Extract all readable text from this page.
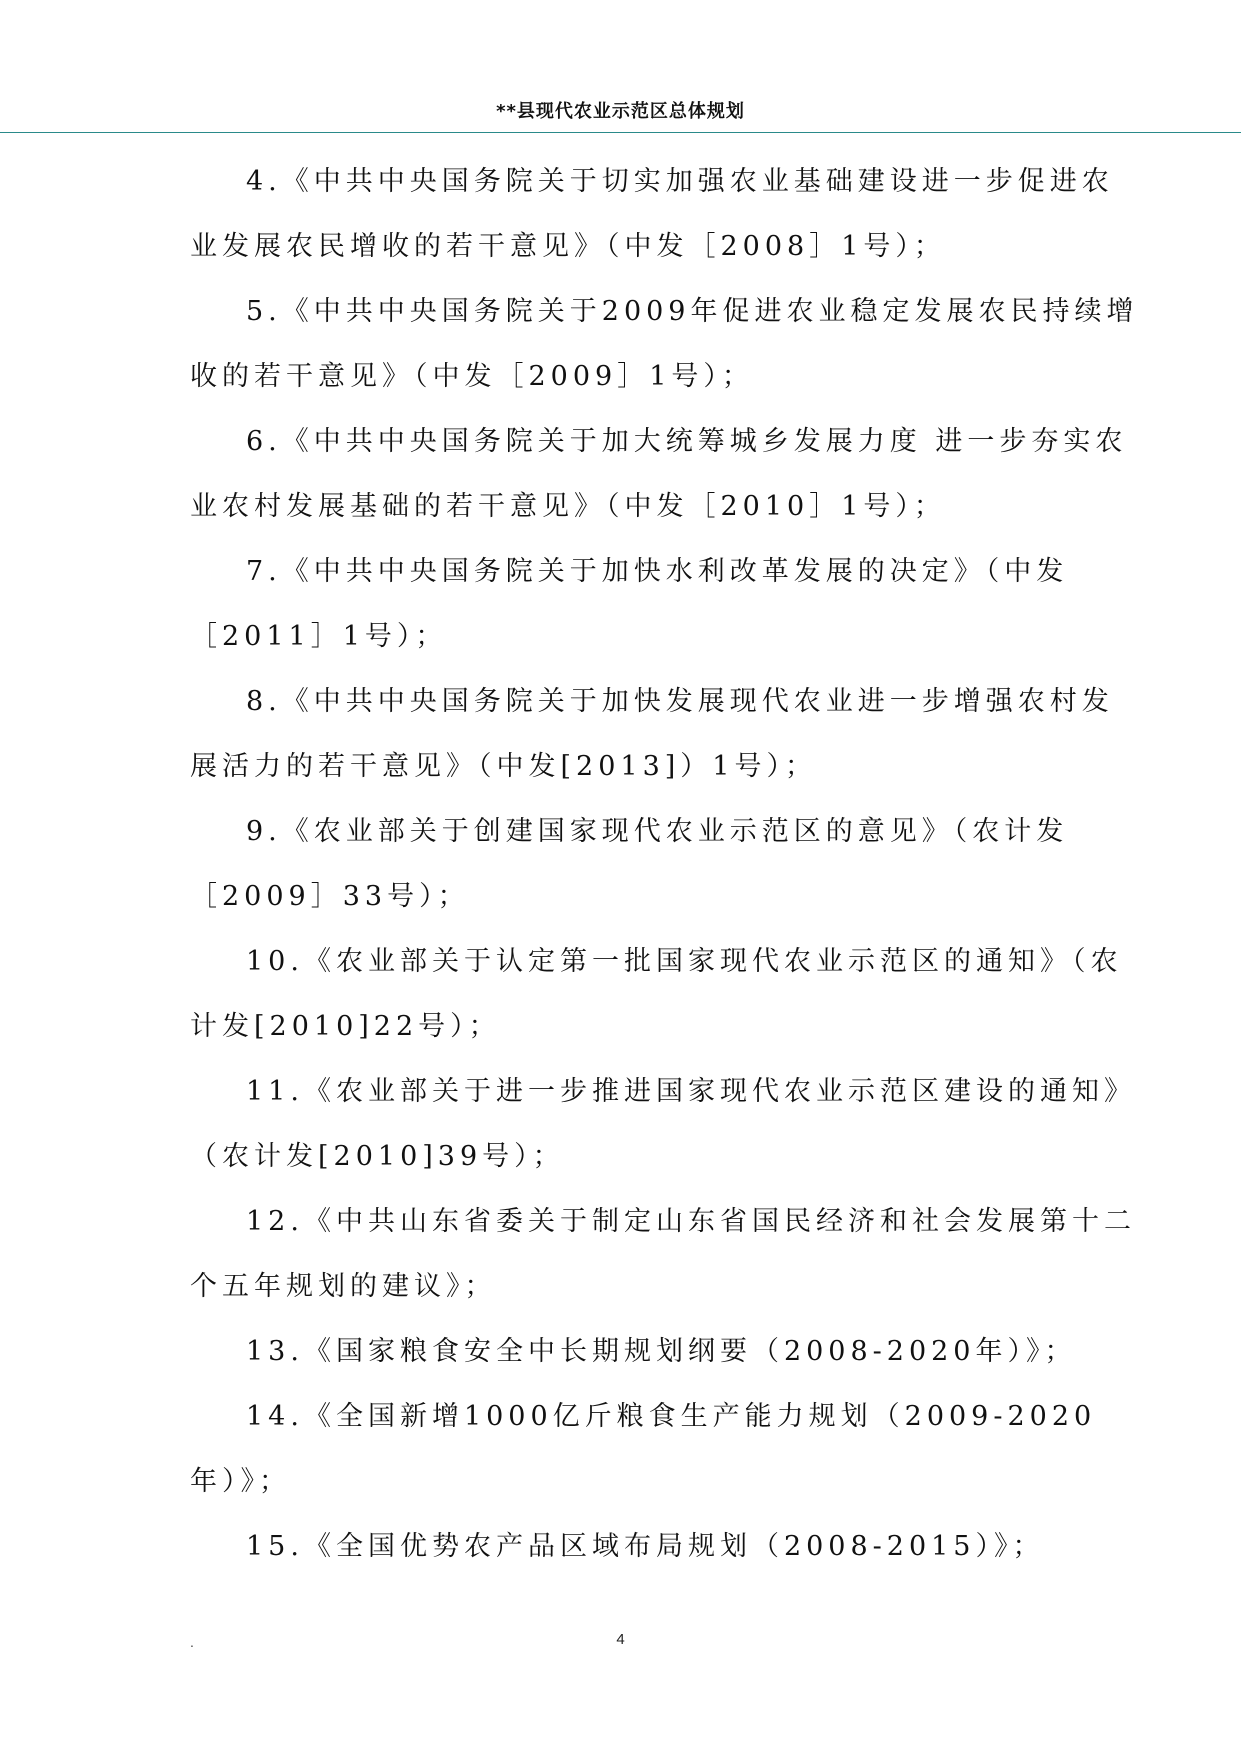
**县现代农业示范区总体规划
4.《中共中央国务院关于切实加强农业基础建设进一步促进农
业发展农民增收的若干意见》（中发［2008］1号）；
5.《中共中央国务院关于2009年促进农业稳定发展农民持续增
收的若干意见》（中发［2009］1号）；
6.《中共中央国务院关于加大统筹城乡发展力度 进一步夯实农
业农村发展基础的若干意见》（中发［2010］1号）；
7.《中共中央国务院关于加快水利改革发展的决定》（中发
［2011］1号）；
8.《中共中央国务院关于加快发展现代农业进一步增强农村发
展活力的若干意见》（中发[2013]）1号）；
9.《农业部关于创建国家现代农业示范区的意见》（农计发
［2009］33号）；
10.《农业部关于认定第一批国家现代农业示范区的通知》（农
计发[2010]22号）；
11.《农业部关于进一步推进国家现代农业示范区建设的通知》
（农计发[2010]39号）；
12.《中共山东省委关于制定山东省国民经济和社会发展第十二
个五年规划的建议》；
13.《国家粮食安全中长期规划纲要（2008-2020年）》；
14.《全国新增1000亿斤粮食生产能力规划（2009-2020
年）》；
15.《全国优势农产品区域布局规划（2008-2015）》；
.	4
